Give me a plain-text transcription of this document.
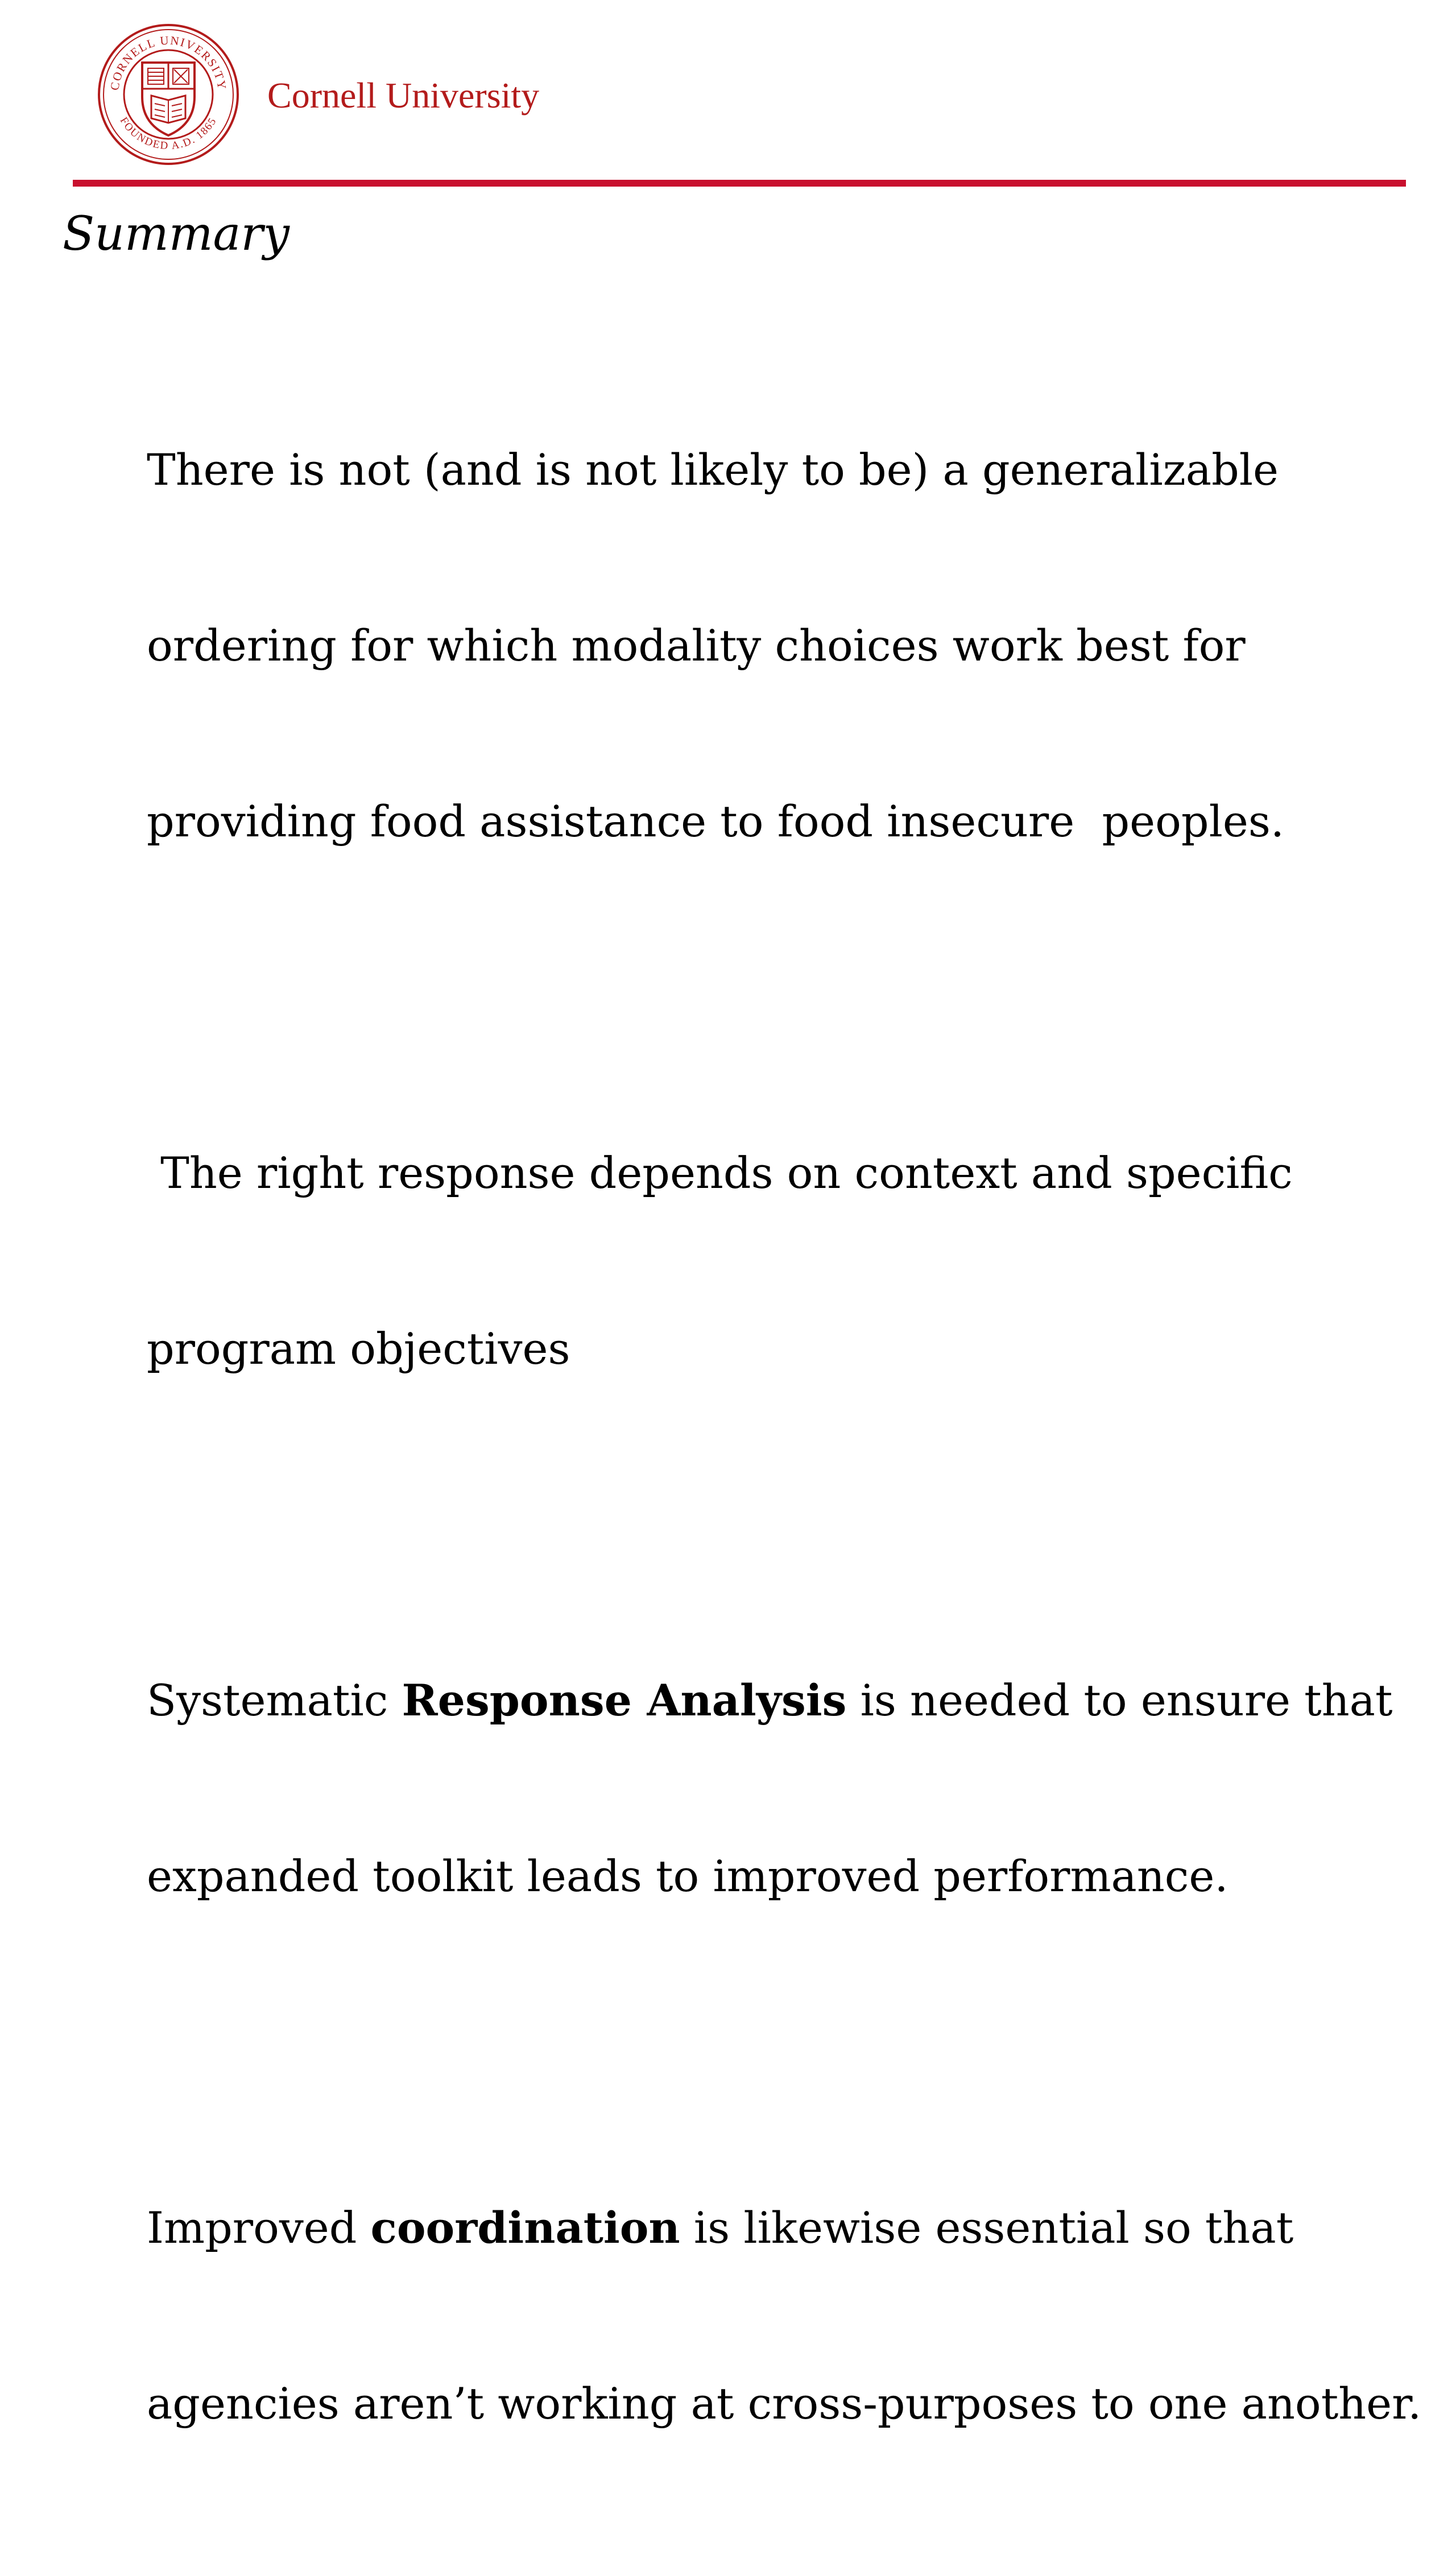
CORNELL UNIVERSITY
FOUNDED A.D. 1865
Cornell University
Summary

There is not (and is not likely to be) a generalizable

ordering for which modality choices work best for

providing food assistance to food insecure  peoples.

The right response depends on context and specific

program objectives

Systematic Response Analysis is needed to ensure that

expanded toolkit leads to improved performance.

Improved coordination is likewise essential so that

agencies aren’t working at cross-purposes to one another.
